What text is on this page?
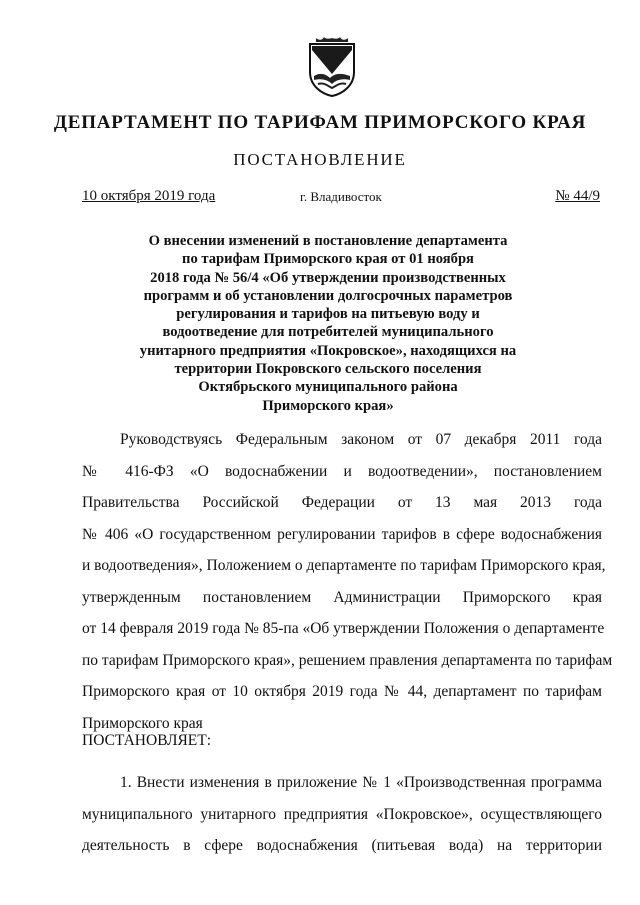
ДЕПАРТАМЕНТ ПО ТАРИФАМ ПРИМОРСКОГО КРАЯ
ПОСТАНОВЛЕНИЕ
10 октября 2019 года	г. Владивосток	№ 44/9
О внесении изменений в постановление департамента
по тарифам Приморского края от 01 ноября
2018 года № 56/4 «Об утверждении производственных
программ и об установлении долгосрочных параметров
регулирования и тарифов на питьевую воду и
водоотведение для потребителей муниципального
унитарного предприятия «Покровское», находящихся на
территории Покровского сельского поселения
Октябрьского муниципального района
Приморского края»
Руководствуясь Федеральным законом от 07 декабря 2011 года
№ 416-ФЗ «О водоснабжении и водоотведении», постановлением
Правительства Российской Федерации от 13 мая 2013 года
№ 406 «О государственном регулировании тарифов в сфере водоснабжения
и водоотведения», Положением о департаменте по тарифам Приморского края,
утвержденным постановлением Администрации Приморского края
от 14 февраля 2019 года № 85-па «Об утверждении Положения о департаменте
по тарифам Приморского края», решением правления департамента по тарифам
Приморского края от 10 октября 2019 года № 44, департамент по тарифам
Приморского края
ПОСТАНОВЛЯЕТ:
1. Внести изменения в приложение № 1 «Производственная программа
муниципального унитарного предприятия «Покровское», осуществляющего
деятельность в сфере водоснабжения (питьевая вода) на территории
